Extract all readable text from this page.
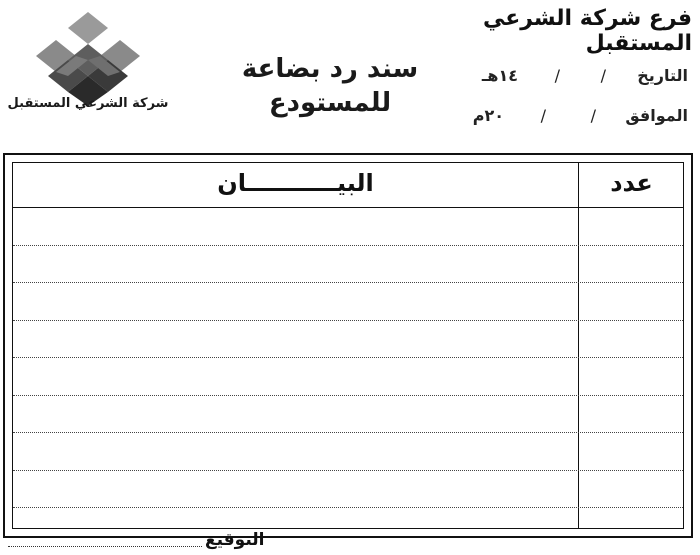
شركة الشرعي المستقبل
فرع شركة الشرعي المستقبل
سند رد بضاعة
للمستودع
التاريخ
/
/
١٤هـ
الموافق
/
/
٢٠م
البيـــــــــــان	عدد
التوقيع
